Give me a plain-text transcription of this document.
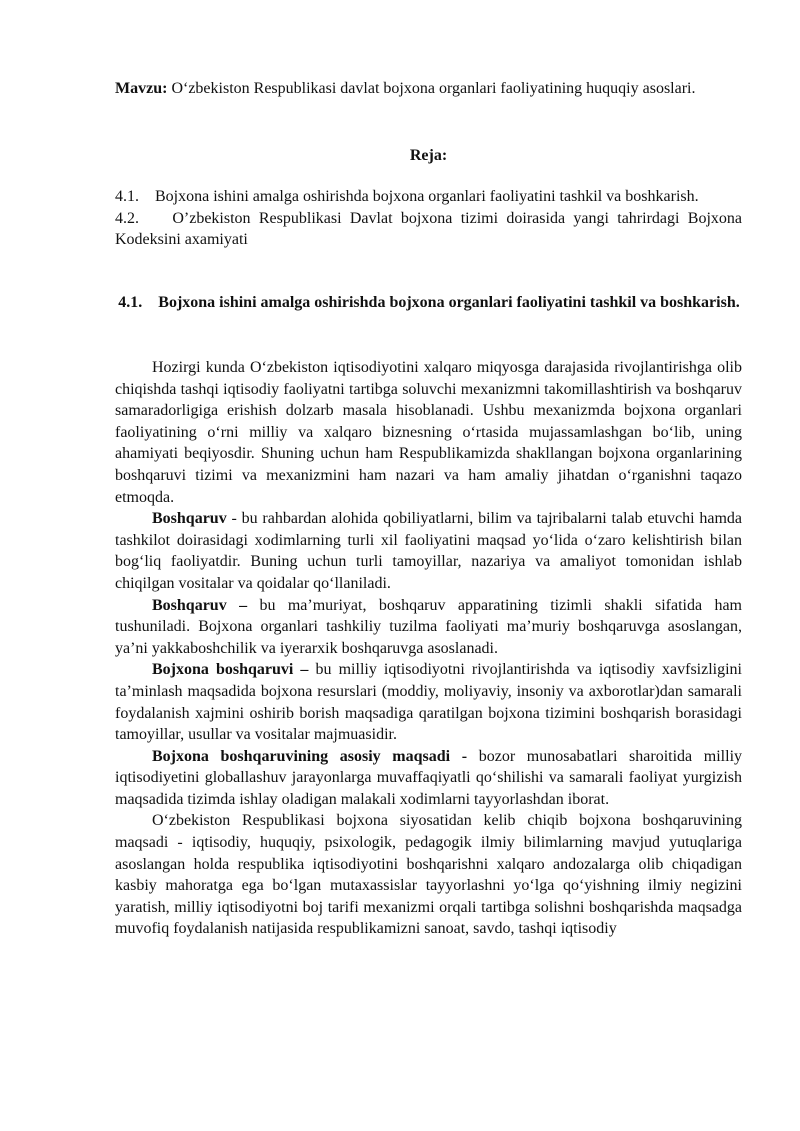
Mavzu: O‘zbekiston Respublikasi davlat bojxona organlari faoliyatining huquqiy asoslari.

Reja:

4.1. Bojxona ishini amalga oshirishda bojxona organlari faoliyatini tashkil va boshkarish.

4.2. O’zbekiston Respublikasi Davlat bojxona tizimi doirasida yangi tahrirdagi Bojxona Kodeksini axamiyati

4.1. Bojxona ishini amalga oshirishda bojxona organlari faoliyatini tashkil va boshkarish.

Hozirgi kunda O‘zbekiston iqtisodiyotini xalqaro miqyosga darajasida rivojlantirishga olib chiqishda tashqi iqtisodiy faoliyatni tartibga soluvchi mexanizmni takomillashtirish va boshqaruv samaradorligiga erishish dolzarb masala hisoblanadi. Ushbu mexanizmda bojxona organlari faoliyatining o‘rni milliy va xalqaro biznesning o‘rtasida mujassamlashgan bo‘lib, uning ahamiyati beqiyosdir. Shuning uchun ham Respublikamizda shakllangan bojxona organlarining boshqaruvi tizimi va mexanizmini ham nazari va ham amaliy jihatdan o‘rganishni taqazo etmoqda.

Boshqaruv - bu rahbardan alohida qobiliyatlarni, bilim va tajribalarni talab etuvchi hamda tashkilot doirasidagi xodimlarning turli xil faoliyatini maqsad yo‘lida o‘zaro kelishtirish bilan bog‘liq faoliyatdir. Buning uchun turli tamoyillar, nazariya va amaliyot tomonidan ishlab chiqilgan vositalar va qoidalar qo‘llaniladi.

Boshqaruv – bu ma’muriyat, boshqaruv apparatining tizimli shakli sifatida ham tushuniladi. Bojxona organlari tashkiliy tuzilma faoliyati ma’muriy boshqaruvga asoslangan, ya’ni yakkaboshchilik va iyerarxik boshqaruvga asoslanadi.

Bojxona boshqaruvi – bu milliy iqtisodiyotni rivojlantirishda va iqtisodiy xavfsizligini ta’minlash maqsadida bojxona resurslari (moddiy, moliyaviy, insoniy va axborotlar)dan samarali foydalanish xajmini oshirib borish maqsadiga qaratilgan bojxona tizimini boshqarish borasidagi tamoyillar, usullar va vositalar majmuasidir.

Bojxona boshqaruvining asosiy maqsadi - bozor munosabatlari sharoitida milliy iqtisodiyetini globallashuv jarayonlarga muvaffaqiyatli qo‘shilishi va samarali faoliyat yurgizish maqsadida tizimda ishlay oladigan malakali xodimlarni tayyorlashdan iborat.

O‘zbekiston Respublikasi bojxona siyosatidan kelib chiqib bojxona boshqaruvining maqsadi - iqtisodiy, huquqiy, psixologik, pedagogik ilmiy bilimlarning mavjud yutuqlariga asoslangan holda respublika iqtisodiyotini boshqarishni xalqaro andozalarga olib chiqadigan kasbiy mahoratga ega bo‘lgan mutaxassislar tayyorlashni yo‘lga qo‘yishning ilmiy negizini yaratish, milliy iqtisodiyotni boj tarifi mexanizmi orqali tartibga solishni boshqarishda maqsadga muvofiq foydalanish natijasida respublikamizni sanoat, savdo, tashqi iqtisodiy
